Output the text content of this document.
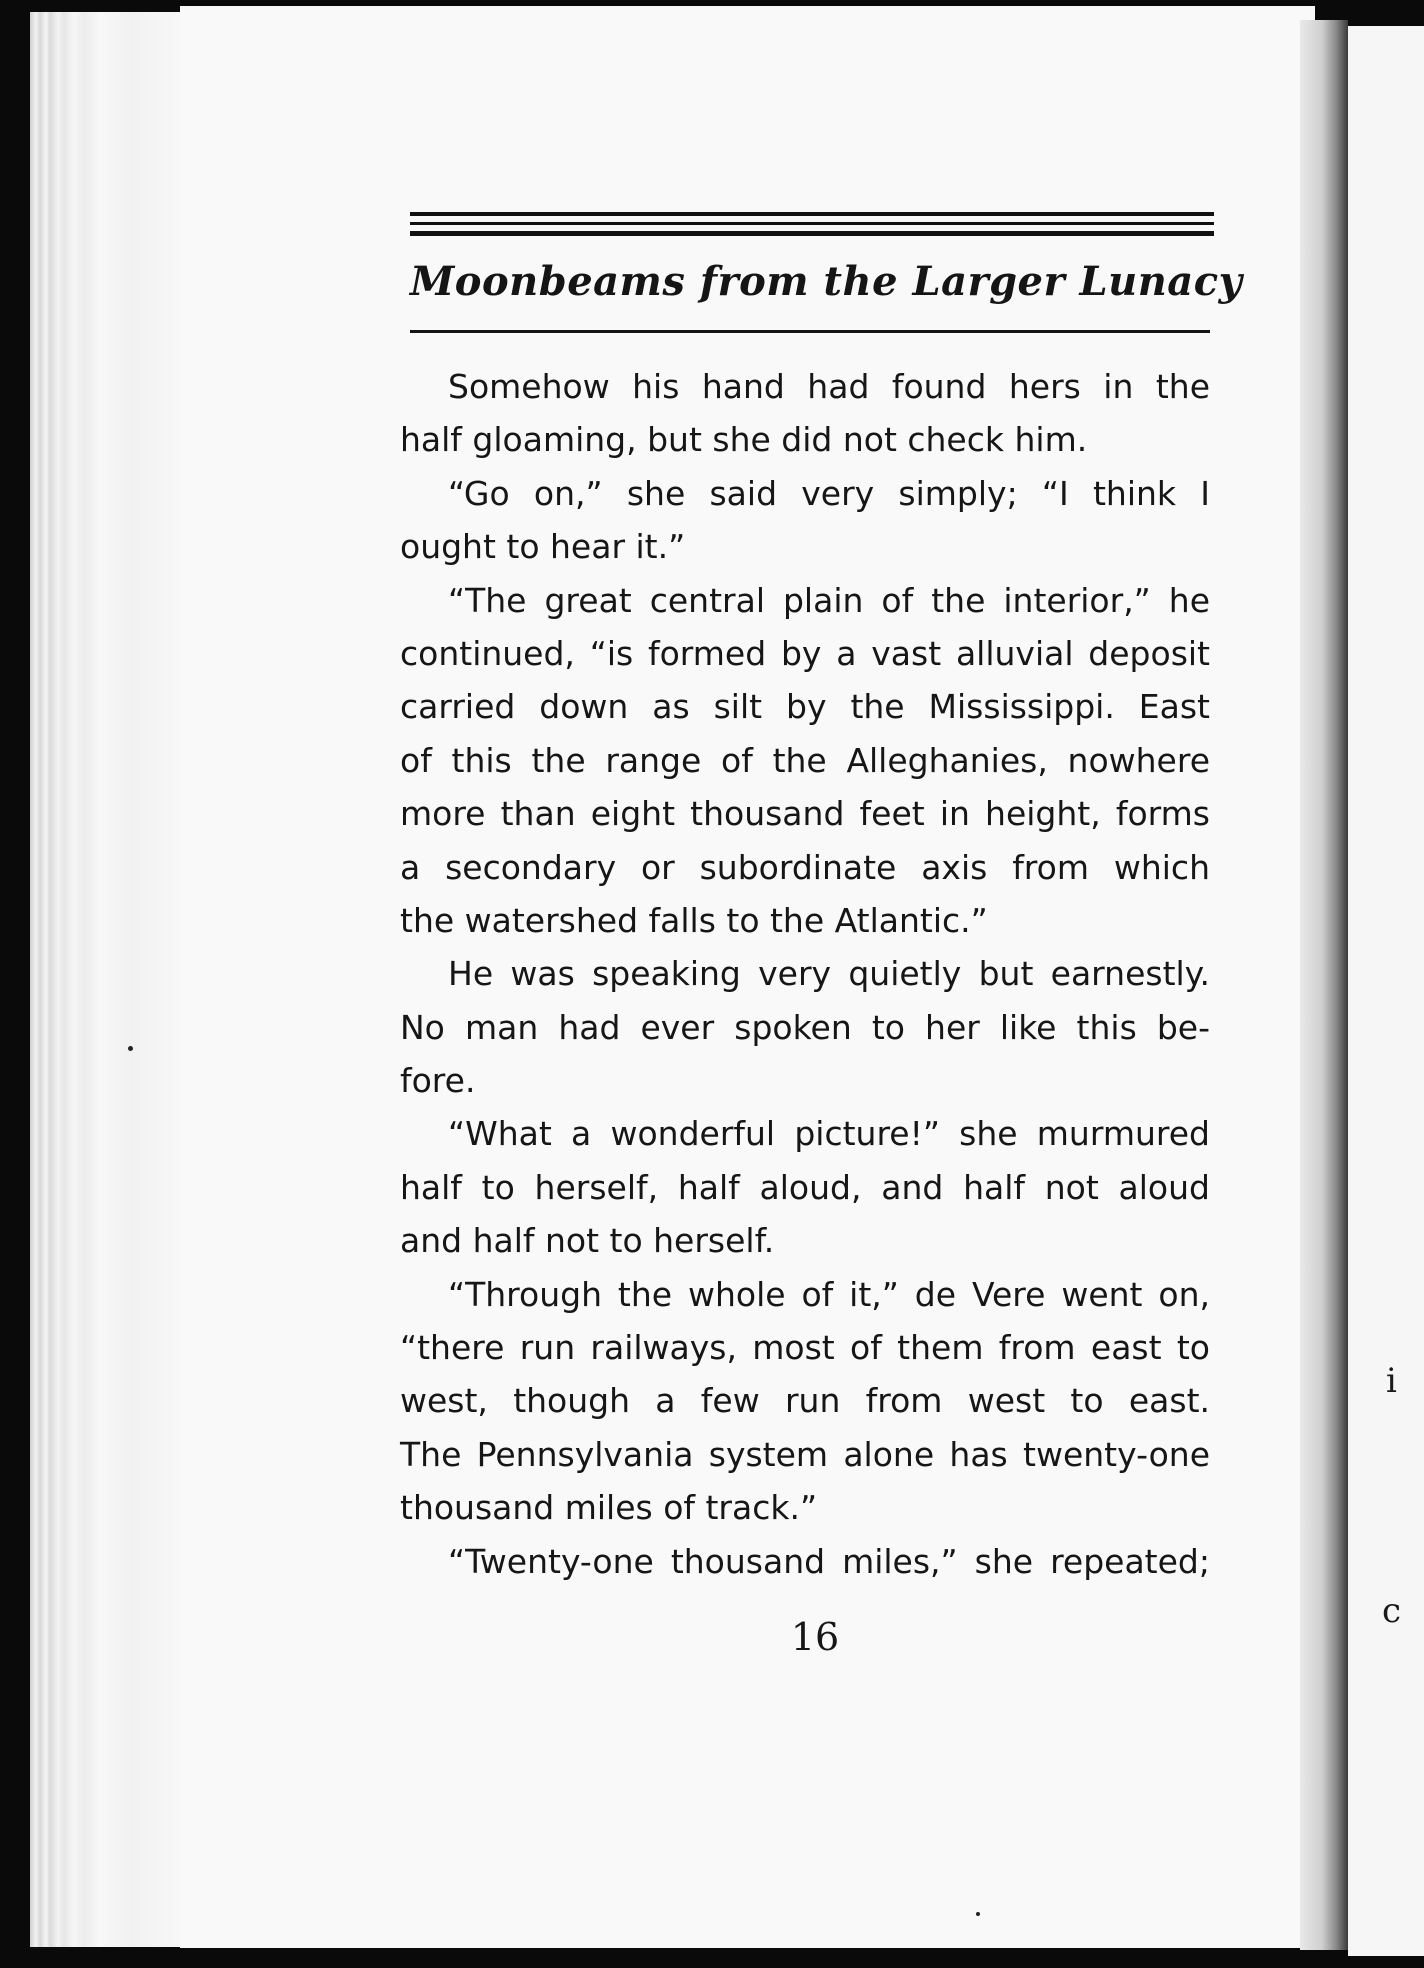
i
c
Moonbeams from the Larger Lunacy
Somehow his hand had found hers in the
half gloaming, but she did not check him.
“Go on,” she said very simply; “I think I
ought to hear it.”
“The great central plain of the interior,” he
continued, “is formed by a vast alluvial deposit
carried down as silt by the Mississippi. East
of this the range of the Alleghanies, nowhere
more than eight thousand feet in height, forms
a secondary or subordinate axis from which
the watershed falls to the Atlantic.”
He was speaking very quietly but earnestly.
No man had ever spoken to her like this be-
fore.
“What a wonderful picture!” she murmured
half to herself, half aloud, and half not aloud
and half not to herself.
“Through the whole of it,” de Vere went on,
“there run railways, most of them from east to
west, though a few run from west to east.
The Pennsylvania system alone has twenty-one
thousand miles of track.”
“Twenty-one thousand miles,” she repeated;
16
